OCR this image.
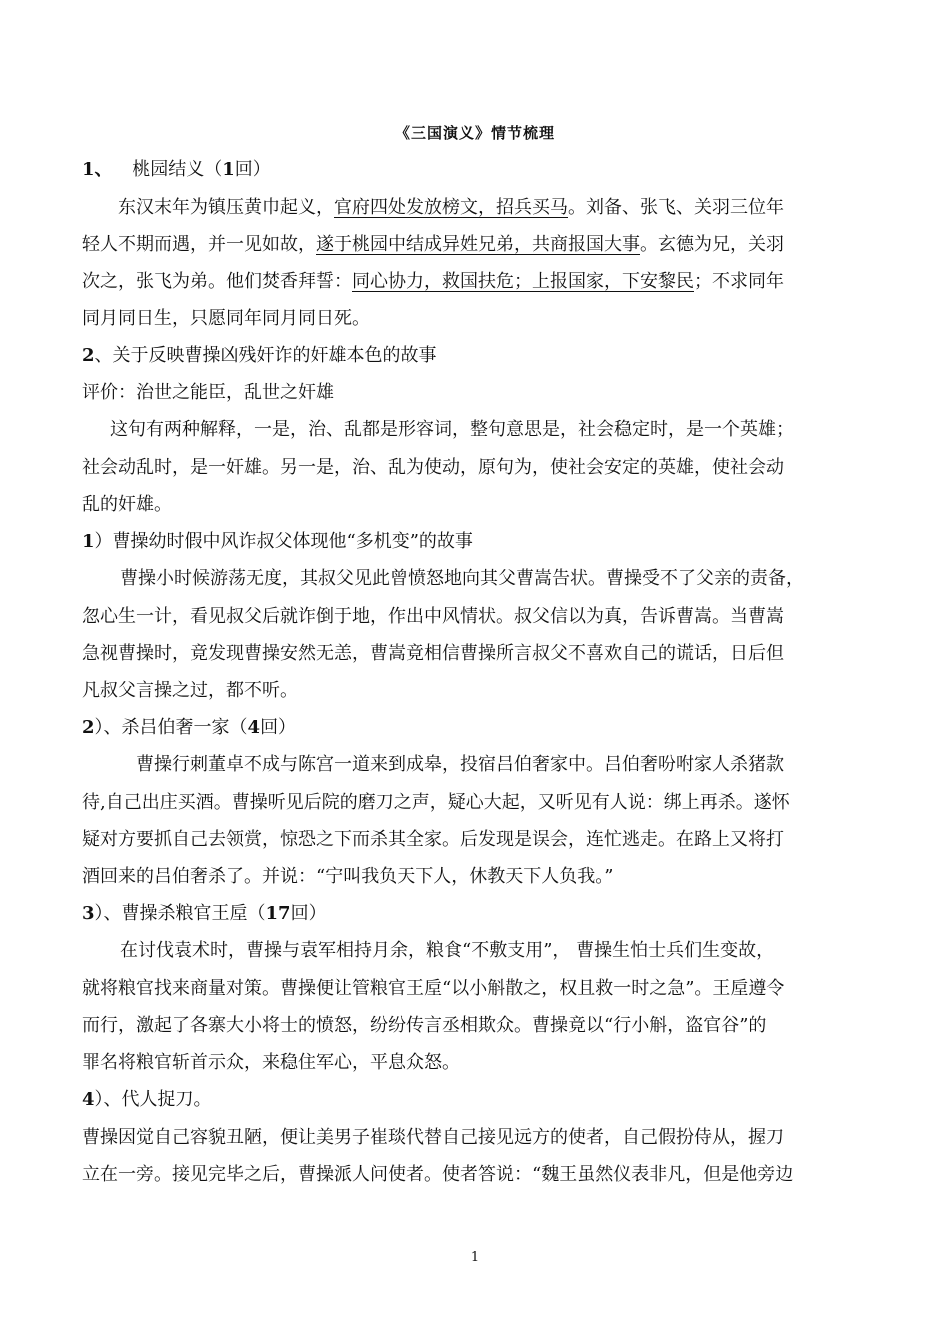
《三国演义》情节梳理
1、 桃园结义（1回）
东汉末年为镇压黄巾起义，官府四处发放榜文，招兵买马。刘备、张飞、关羽三位年
轻人不期而遇，并一见如故，遂于桃园中结成异姓兄弟，共商报国大事。玄德为兄，关羽
次之，张飞为弟。他们焚香拜誓：同心协力，救国扶危；上报国家，下安黎民；不求同年
同月同日生，只愿同年同月同日死。
2、关于反映曹操凶残奸诈的奸雄本色的故事
评价：治世之能臣，乱世之奸雄
这句有两种解释，一是，治、乱都是形容词，整句意思是，社会稳定时，是一个英雄；
社会动乱时，是一奸雄。另一是，治、乱为使动，原句为，使社会安定的英雄，使社会动
乱的奸雄。
1）曹操幼时假中风诈叔父体现他“多机变”的故事
曹操小时候游荡无度，其叔父见此曾愤怒地向其父曹嵩告状。曹操受不了父亲的责备，
忽心生一计，看见叔父后就诈倒于地，作出中风情状。叔父信以为真，告诉曹嵩。当曹嵩
急视曹操时，竟发现曹操安然无恙，曹嵩竟相信曹操所言叔父不喜欢自己的谎话，日后但
凡叔父言操之过，都不听。
2）、杀吕伯奢一家（4回）
曹操行刺董卓不成与陈宫一道来到成皋，投宿吕伯奢家中。吕伯奢吩咐家人杀猪款
待,自己出庄买酒。曹操听见后院的磨刀之声，疑心大起，又听见有人说：绑上再杀。遂怀
疑对方要抓自己去领赏，惊恐之下而杀其全家。后发现是误会，连忙逃走。在路上又将打
酒回来的吕伯奢杀了。并说：“宁叫我负天下人，休教天下人负我。”
3）、曹操杀粮官王垕（17回）
在讨伐袁术时，曹操与袁军相持月余，粮食“不敷支用”， 曹操生怕士兵们生变故，
就将粮官找来商量对策。曹操便让管粮官王垕“以小斛散之，权且救一时之急”。王垕遵令
而行，激起了各寨大小将士的愤怒，纷纷传言丞相欺众。曹操竟以“行小斛，盗官谷”的
罪名将粮官斩首示众，来稳住军心，平息众怒。
4）、代人捉刀。
曹操因觉自己容貌丑陋，便让美男子崔琰代替自己接见远方的使者，自己假扮侍从，握刀
立在一旁。接见完毕之后，曹操派人问使者。使者答说：“魏王虽然仪表非凡，但是他旁边
1
